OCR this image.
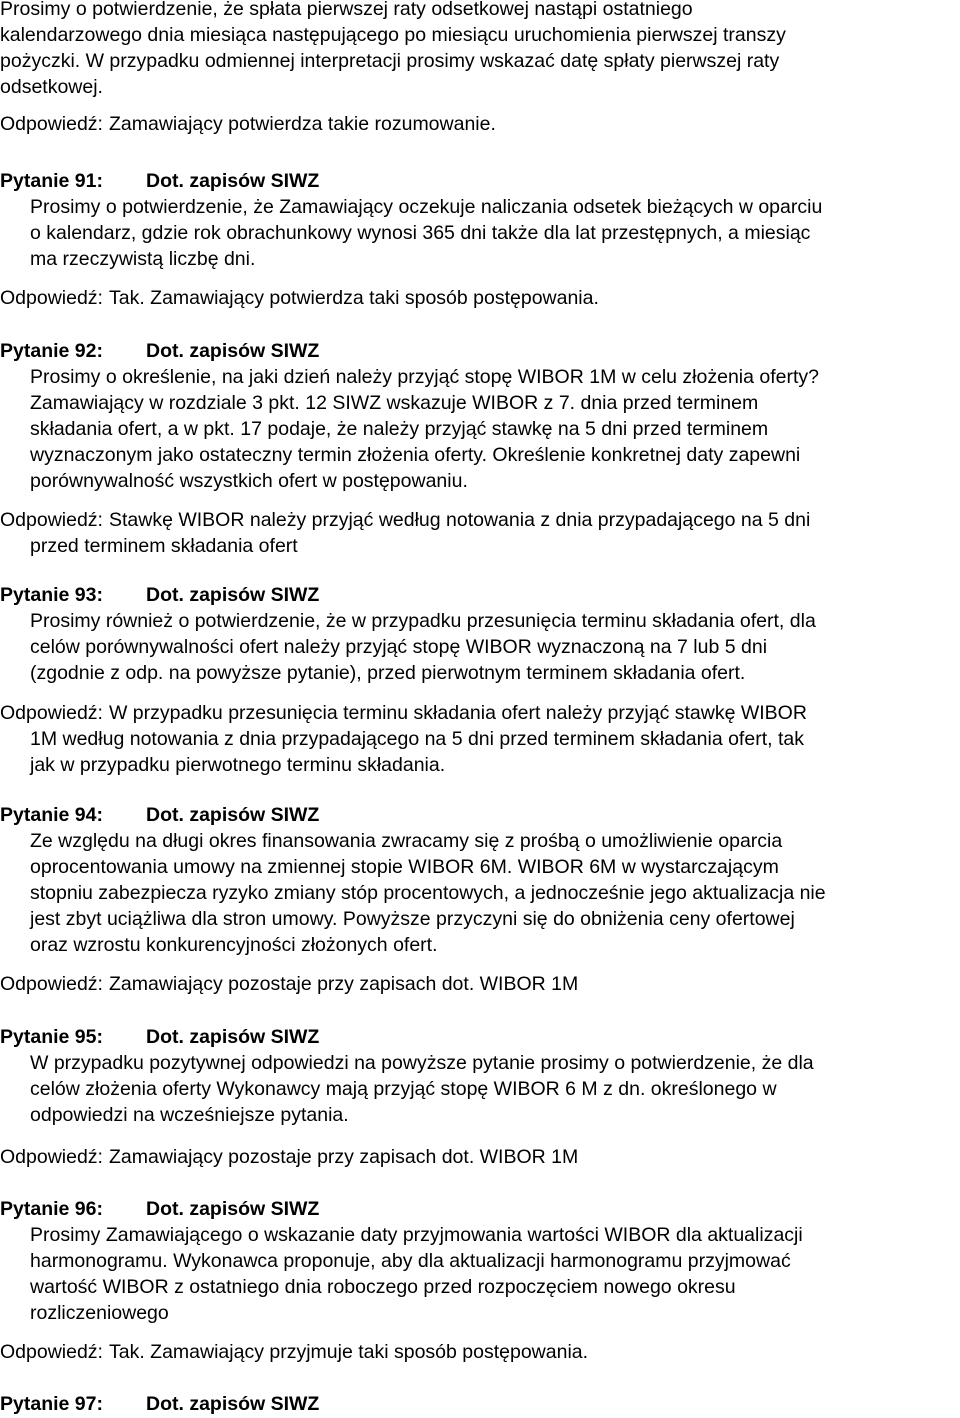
Prosimy o potwierdzenie, że spłata pierwszej raty odsetkowej nastąpi ostatniego

kalendarzowego dnia miesiąca następującego po miesiącu uruchomienia pierwszej transzy

pożyczki. W przypadku odmiennej interpretacji prosimy wskazać datę spłaty pierwszej raty

odsetkowej.

Odpowiedź: Zamawiający potwierdza takie rozumowanie.

Pytanie 91: Dot. zapisów SIWZ

Prosimy o potwierdzenie, że Zamawiający oczekuje naliczania odsetek bieżących w oparciu

o kalendarz, gdzie rok obrachunkowy wynosi 365 dni także dla lat przestępnych, a miesiąc

ma rzeczywistą liczbę dni.

Odpowiedź: Tak. Zamawiający potwierdza taki sposób postępowania.

Pytanie 92: Dot. zapisów SIWZ

Prosimy o określenie, na jaki dzień należy przyjąć stopę WIBOR 1M w celu złożenia oferty?

Zamawiający w rozdziale 3 pkt. 12 SIWZ wskazuje WIBOR z 7. dnia przed terminem

składania ofert, a w pkt. 17 podaje, że należy przyjąć stawkę na 5 dni przed terminem

wyznaczonym jako ostateczny termin złożenia oferty. Określenie konkretnej daty zapewni

porównywalność wszystkich ofert w postępowaniu.

Odpowiedź: Stawkę WIBOR należy przyjąć według notowania z dnia przypadającego na 5 dni

przed terminem składania ofert

Pytanie 93: Dot. zapisów SIWZ

Prosimy również o potwierdzenie, że w przypadku przesunięcia terminu składania ofert, dla

celów porównywalności ofert należy przyjąć stopę WIBOR wyznaczoną na 7 lub 5 dni

(zgodnie z odp. na powyższe pytanie), przed pierwotnym terminem składania ofert.

Odpowiedź: W przypadku przesunięcia terminu składania ofert należy przyjąć stawkę WIBOR

1M według notowania z dnia przypadającego na 5 dni przed terminem składania ofert, tak

jak w przypadku pierwotnego terminu składania.

Pytanie 94: Dot. zapisów SIWZ

Ze względu na długi okres finansowania zwracamy się z prośbą o umożliwienie oparcia

oprocentowania umowy na zmiennej stopie WIBOR 6M. WIBOR 6M w wystarczającym

stopniu zabezpiecza ryzyko zmiany stóp procentowych, a jednocześnie jego aktualizacja nie

jest zbyt uciążliwa dla stron umowy. Powyższe przyczyni się do obniżenia ceny ofertowej

oraz wzrostu konkurencyjności złożonych ofert.

Odpowiedź: Zamawiający pozostaje przy zapisach dot. WIBOR 1M

Pytanie 95: Dot. zapisów SIWZ

W przypadku pozytywnej odpowiedzi na powyższe pytanie prosimy o potwierdzenie, że dla

celów złożenia oferty Wykonawcy mają przyjąć stopę WIBOR 6 M z dn. określonego w

odpowiedzi na wcześniejsze pytania.

Odpowiedź: Zamawiający pozostaje przy zapisach dot. WIBOR 1M

Pytanie 96: Dot. zapisów SIWZ

Prosimy Zamawiającego o wskazanie daty przyjmowania wartości WIBOR dla aktualizacji

harmonogramu. Wykonawca proponuje, aby dla aktualizacji harmonogramu przyjmować

wartość WIBOR z ostatniego dnia roboczego przed rozpoczęciem nowego okresu

rozliczeniowego

Odpowiedź: Tak. Zamawiający przyjmuje taki sposób postępowania.

Pytanie 97: Dot. zapisów SIWZ
